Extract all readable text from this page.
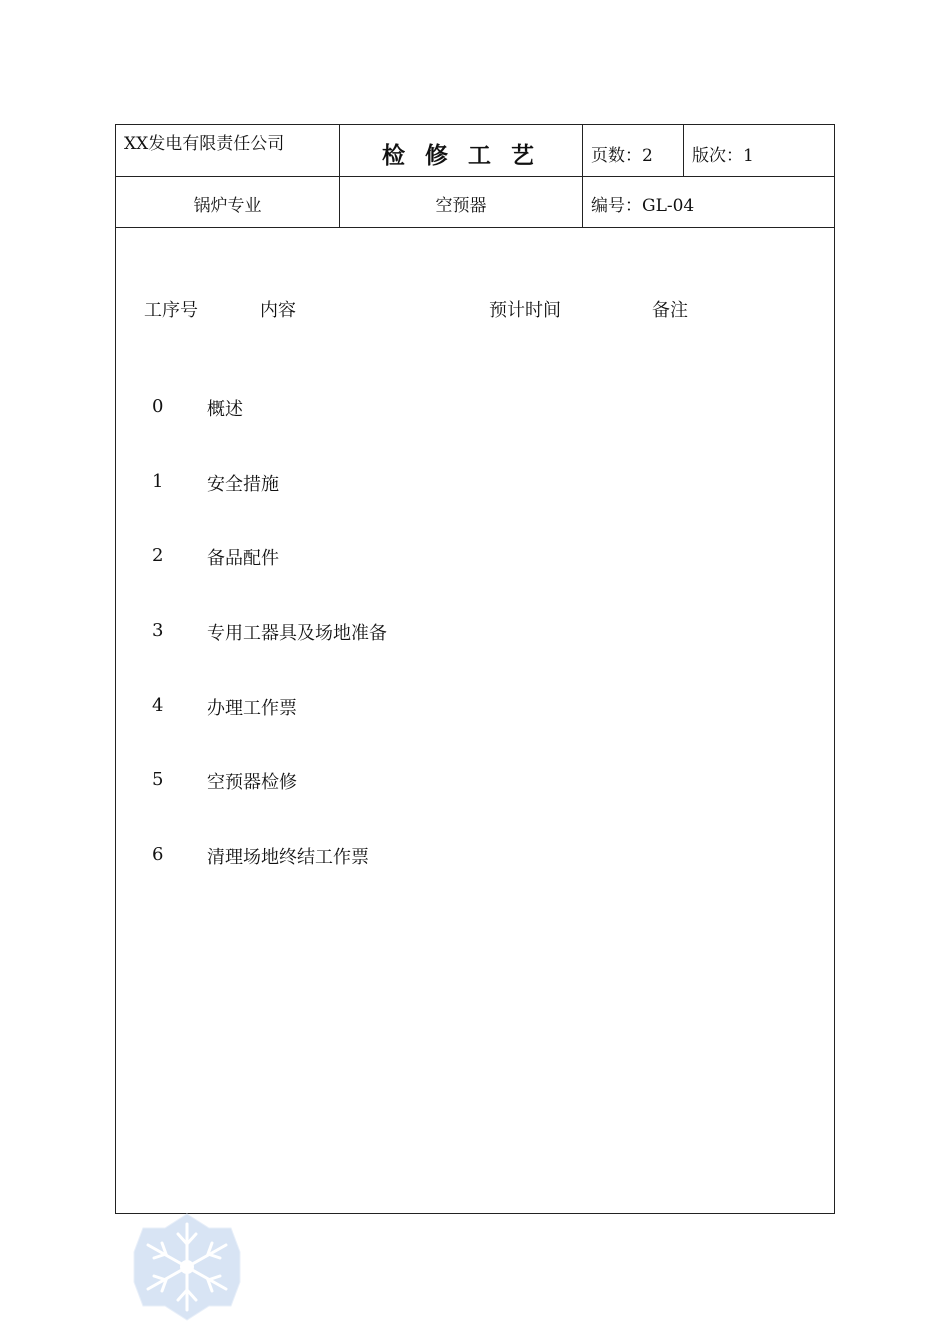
XX发电有限责任公司	检 修 工 艺	页数：2 版次：1
锅炉专业	空预器	编号：GL-04
工序号	内容	预计时间	备注
0 概述
1 安全措施
2 备品配件
3 专用工器具及场地准备
4 办理工作票
5 空预器检修
6 清理场地终结工作票
